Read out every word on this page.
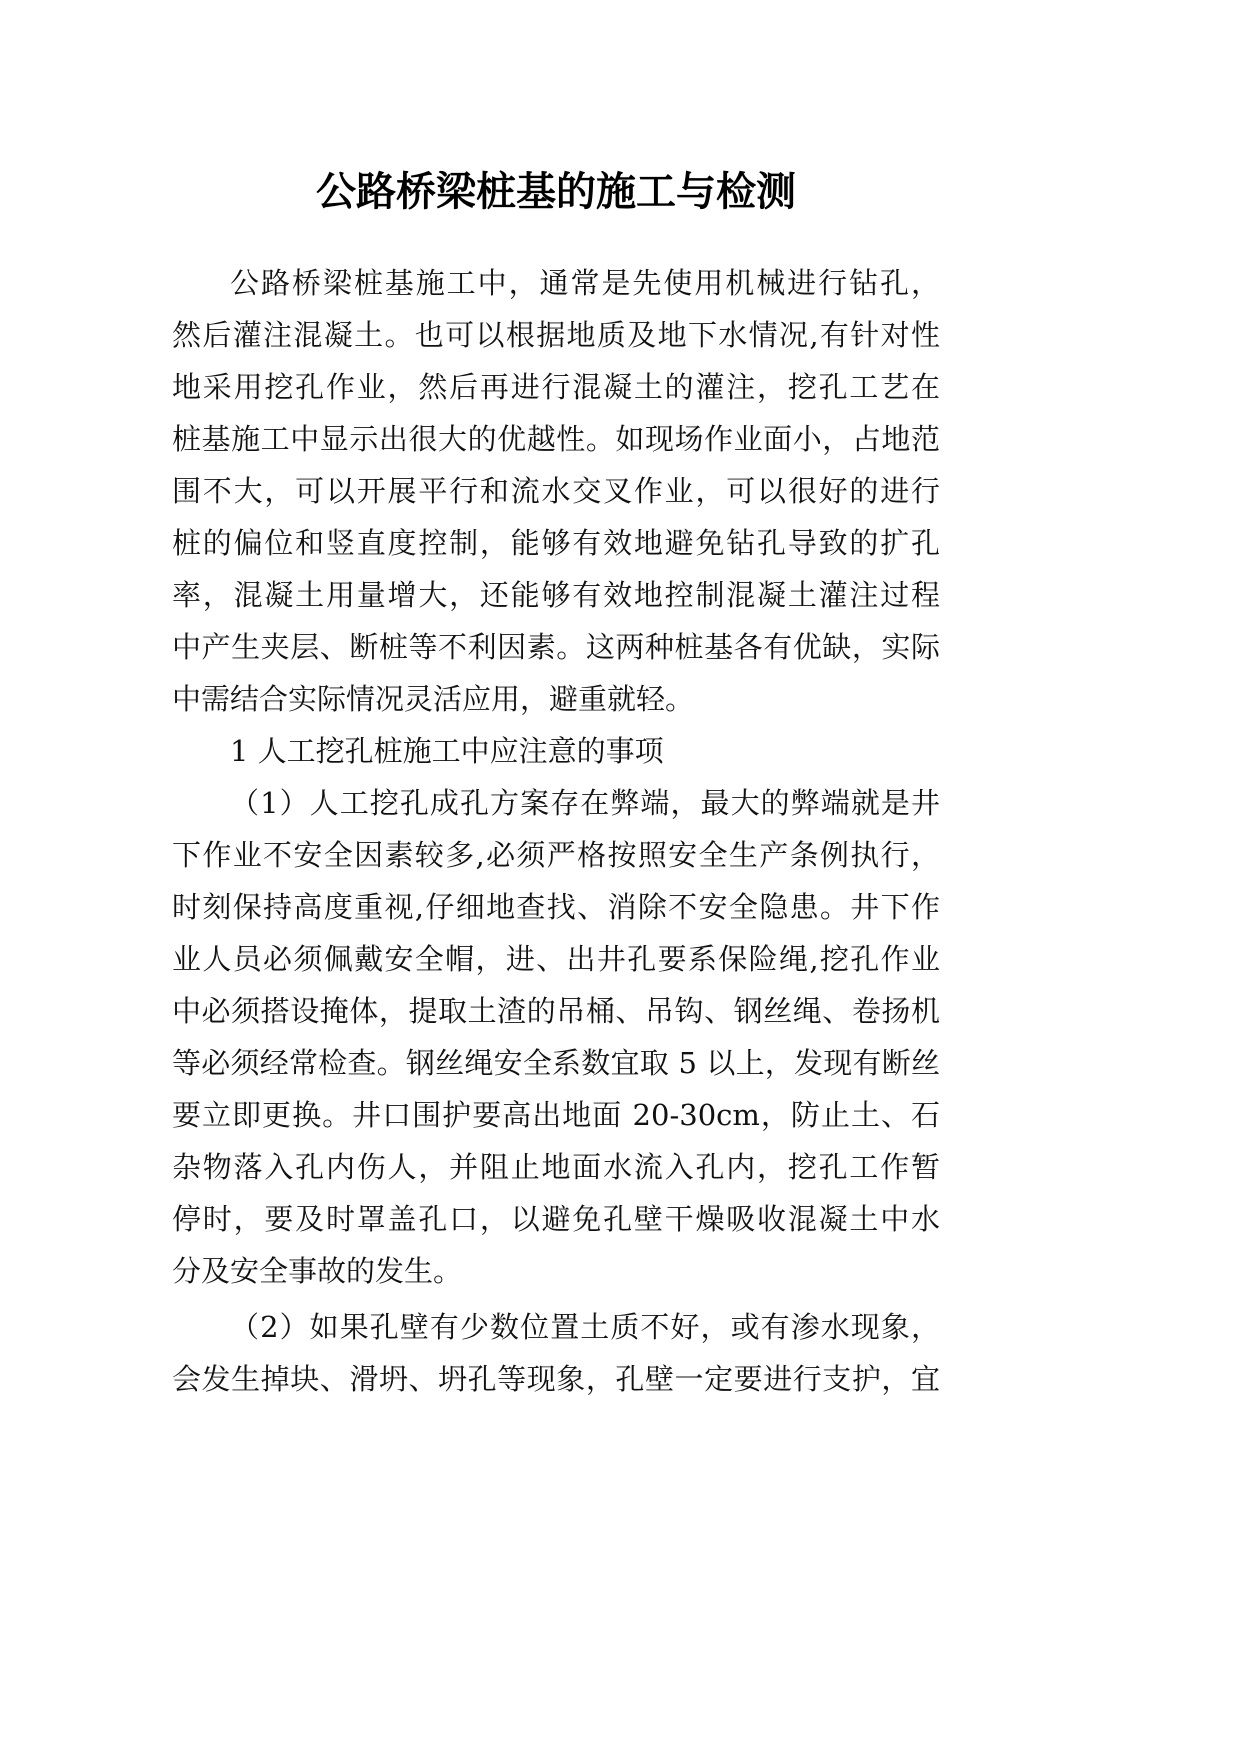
公路桥梁桩基的施工与检测
公路桥梁桩基施工中，通常是先使用机械进行钻孔，
然后灌注混凝土。也可以根据地质及地下水情况,有针对性
地采用挖孔作业，然后再进行混凝土的灌注，挖孔工艺在
桩基施工中显示出很大的优越性。如现场作业面小，占地范
围不大，可以开展平行和流水交叉作业，可以很好的进行
桩的偏位和竖直度控制，能够有效地避免钻孔导致的扩孔
率，混凝土用量增大，还能够有效地控制混凝土灌注过程
中产生夹层、断桩等不利因素。这两种桩基各有优缺，实际
中需结合实际情况灵活应用，避重就轻。
1 人工挖孔桩施工中应注意的事项
（1）人工挖孔成孔方案存在弊端，最大的弊端就是井
下作业不安全因素较多,必须严格按照安全生产条例执行，
时刻保持高度重视,仔细地查找、消除不安全隐患。井下作
业人员必须佩戴安全帽，进、出井孔要系保险绳,挖孔作业
中必须搭设掩体，提取土渣的吊桶、吊钩、钢丝绳、卷扬机
等必须经常检查。钢丝绳安全系数宜取 5 以上，发现有断丝
要立即更换。井口围护要高出地面 20-30cm，防止土、石
杂物落入孔内伤人，并阻止地面水流入孔内，挖孔工作暂
停时，要及时罩盖孔口，以避免孔壁干燥吸收混凝土中水
分及安全事故的发生。
（2）如果孔壁有少数位置土质不好，或有渗水现象，
会发生掉块、滑坍、坍孔等现象，孔壁一定要进行支护，宜
